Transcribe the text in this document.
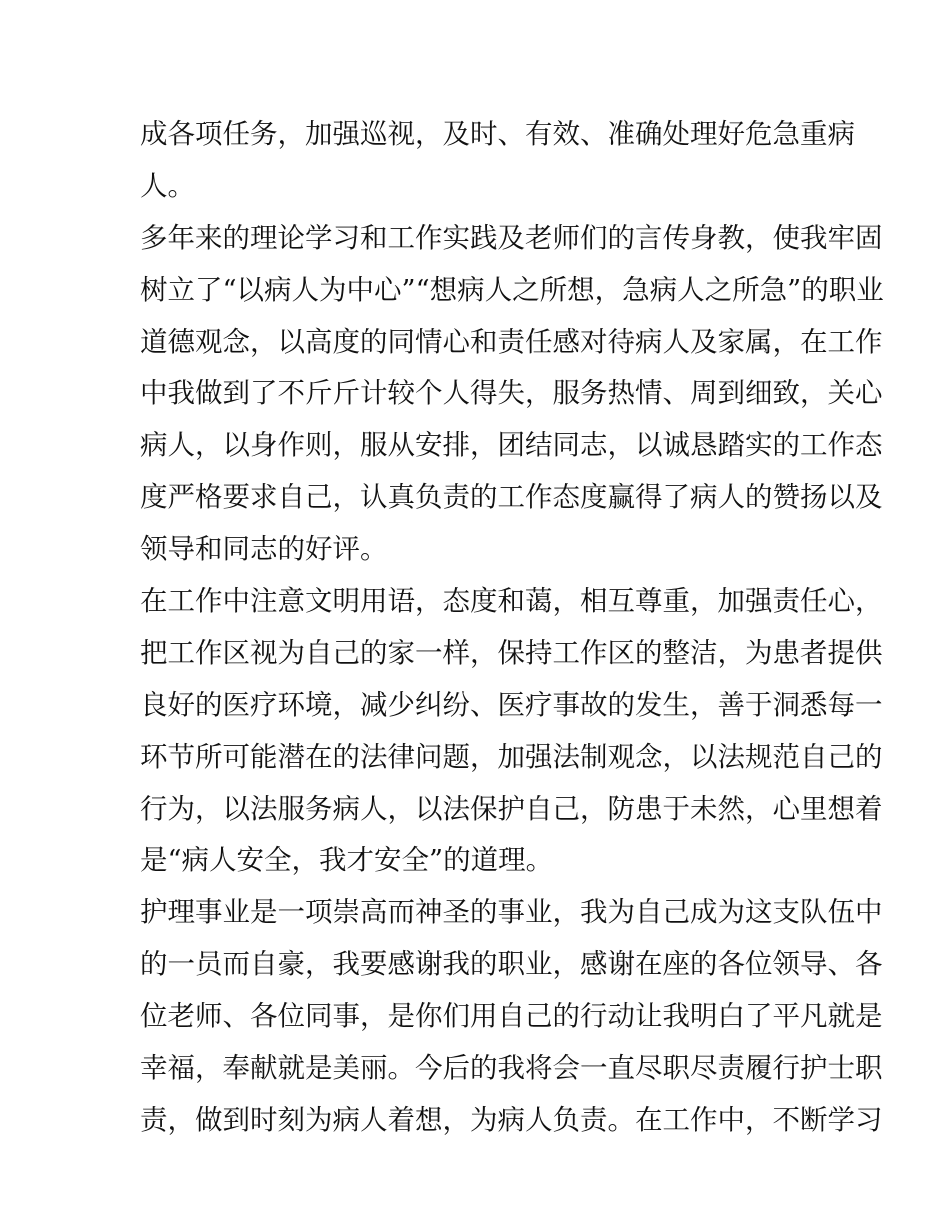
成各项任务，加强巡视，及时、有效、准确处理好危急重病
人。
多年来的理论学习和工作实践及老师们的言传身教，使我牢固
树立了“以病人为中心”“想病人之所想，急病人之所急”的职业
道德观念，以高度的同情心和责任感对待病人及家属，在工作
中我做到了不斤斤计较个人得失，服务热情、周到细致，关心
病人，以身作则，服从安排，团结同志，以诚恳踏实的工作态
度严格要求自己，认真负责的工作态度赢得了病人的赞扬以及
领导和同志的好评。
在工作中注意文明用语，态度和蔼，相互尊重，加强责任心，
把工作区视为自己的家一样，保持工作区的整洁，为患者提供
良好的医疗环境，减少纠纷、医疗事故的发生，善于洞悉每一
环节所可能潜在的法律问题，加强法制观念，以法规范自己的
行为，以法服务病人，以法保护自己，防患于未然，心里想着
是“病人安全，我才安全”的道理。
护理事业是一项崇高而神圣的事业，我为自己成为这支队伍中
的一员而自豪，我要感谢我的职业，感谢在座的各位领导、各
位老师、各位同事，是你们用自己的行动让我明白了平凡就是
幸福，奉献就是美丽。今后的我将会一直尽职尽责履行护士职
责，做到时刻为病人着想，为病人负责。在工作中，不断学习
